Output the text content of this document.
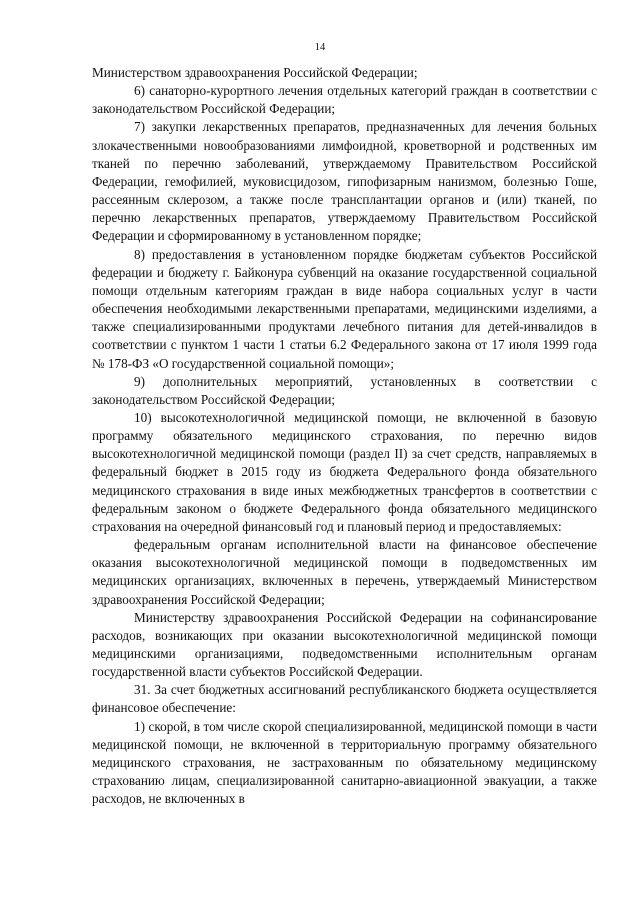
14

Министерством здравоохранения Российской Федерации;

6) санаторно-курортного лечения отдельных категорий граждан в соответствии с законодательством Российской Федерации;

7) закупки лекарственных препаратов, предназначенных для лечения больных злокачественными новообразованиями лимфоидной, кроветворной и родственных им тканей по перечню заболеваний, утверждаемому Правительством Российской Федерации, гемофилией, муковисцидозом, гипофизарным нанизмом, болезнью Гоше, рассеянным склерозом, а также после трансплантации органов и (или) тканей, по перечню лекарственных препаратов, утверждаемому Правительством Российской Федерации и сформированному в установленном порядке;

8) предоставления в установленном порядке бюджетам субъектов Российской федерации и бюджету г. Байконура субвенций на оказание государственной социальной помощи отдельным категориям граждан в виде набора социальных услуг в части обеспечения необходимыми лекарственными препаратами, медицинскими изделиями, а также специализированными продуктами лечебного питания для детей-инвалидов в соответствии с пунктом 1 части 1 статьи 6.2 Федерального закона от 17 июля 1999 года № 178-ФЗ «О государственной социальной помощи»;

9) дополнительных мероприятий, установленных в соответствии с законодательством Российской Федерации;

10) высокотехнологичной медицинской помощи, не включенной в базовую программу обязательного медицинского страхования, по перечню видов высокотехнологичной медицинской помощи (раздел II) за счет средств, направляемых в федеральный бюджет в 2015 году из бюджета Федерального фонда обязательного медицинского страхования в виде иных межбюджетных трансфертов в соответствии с федеральным законом о бюджете Федерального фонда обязательного медицинского страхования на очередной финансовый год и плановый период и предоставляемых:

федеральным органам исполнительной власти на финансовое обеспечение оказания высокотехнологичной медицинской помощи в подведомственных им медицинских организациях, включенных в перечень, утверждаемый Министерством здравоохранения Российской Федерации;

Министерству здравоохранения Российской Федерации на софинансирование расходов, возникающих при оказании высокотехнологичной медицинской помощи медицинскими организациями, подведомственными исполнительным органам государственной власти субъектов Российской Федерации.

31. За счет бюджетных ассигнований республиканского бюджета осуществляется финансовое обеспечение:

1) скорой, в том числе скорой специализированной, медицинской помощи в части медицинской помощи, не включенной в территориальную программу обязательного медицинского страхования, не застрахованным по обязательному медицинскому страхованию лицам, специализированной санитарно-авиационной эвакуации, а также расходов, не включенных в
